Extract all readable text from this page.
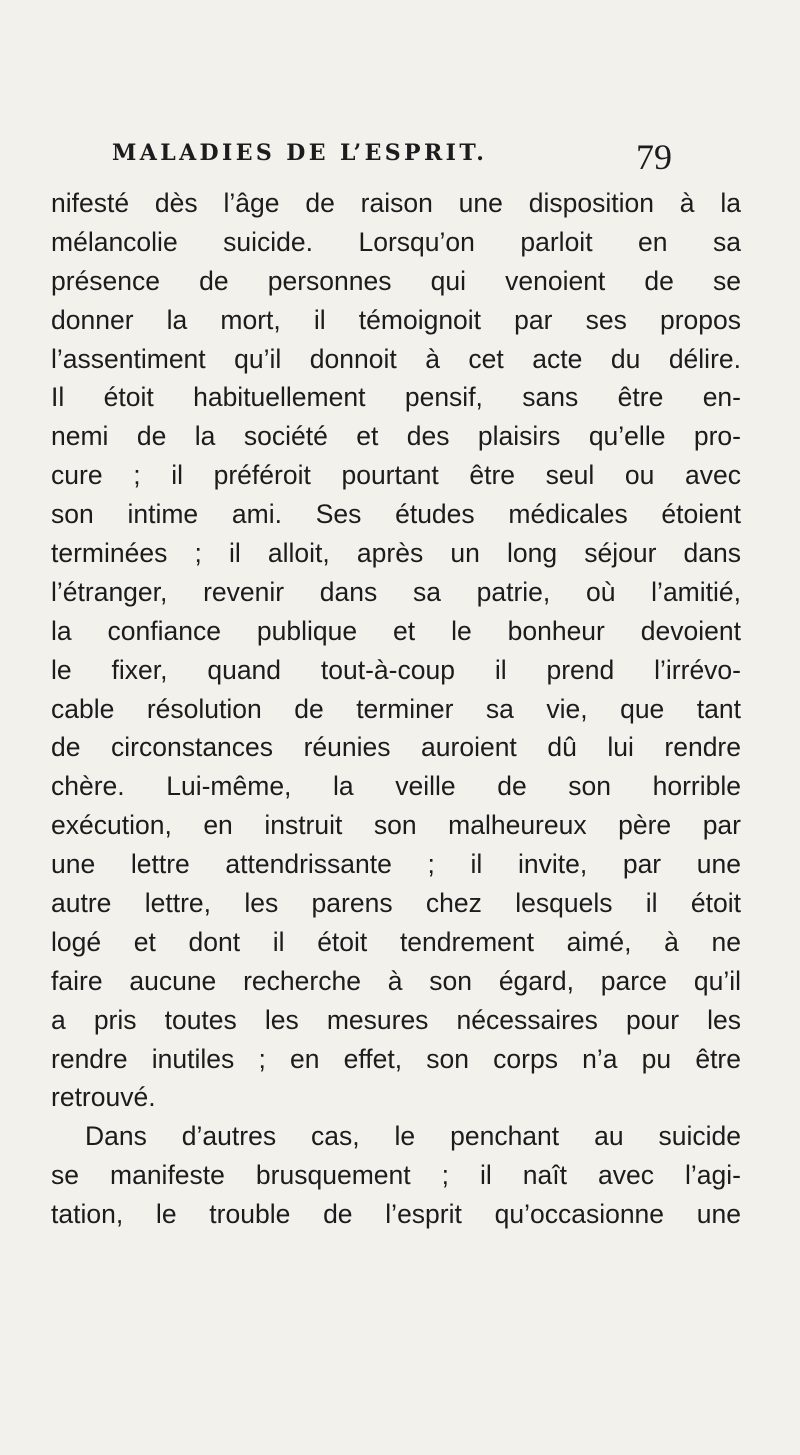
MALADIES DE L’ESPRIT.	79
nifesté dès l’âge de raison une disposition à la
mélancolie suicide. Lorsqu’on parloit en sa
présence de personnes qui venoient de se
donner la mort, il témoignoit par ses propos
l’assentiment qu’il donnoit à cet acte du délire.
Il étoit habituellement pensif, sans être en-
nemi de la société et des plaisirs qu’elle pro-
cure ; il préféroit pourtant être seul ou avec
son intime ami. Ses études médicales étoient
terminées ; il alloit, après un long séjour dans
l’étranger, revenir dans sa patrie, où l’amitié,
la confiance publique et le bonheur devoient
le fixer, quand tout-à-coup il prend l’irrévo-
cable résolution de terminer sa vie, que tant
de circonstances réunies auroient dû lui rendre
chère. Lui-même, la veille de son horrible
exécution, en instruit son malheureux père par
une lettre attendrissante ; il invite, par une
autre lettre, les parens chez lesquels il étoit
logé et dont il étoit tendrement aimé, à ne
faire aucune recherche à son égard, parce qu’il
a pris toutes les mesures nécessaires pour les
rendre inutiles ; en effet, son corps n’a pu être
retrouvé.
Dans d’autres cas, le penchant au suicide
se manifeste brusquement ; il naît avec l’agi-
tation, le trouble de l’esprit qu’occasionne une
